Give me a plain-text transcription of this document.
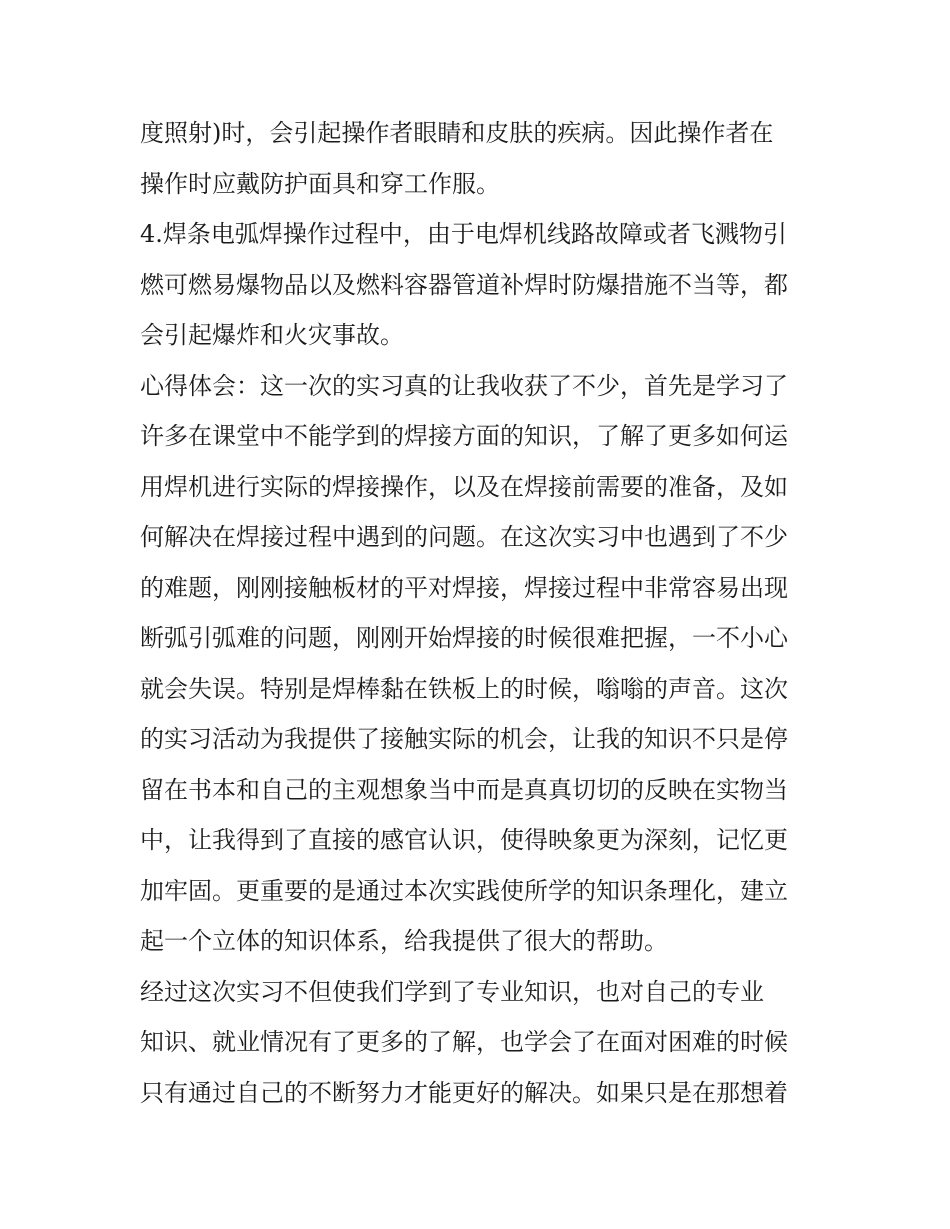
度照射)时，会引起操作者眼睛和皮肤的疾病。因此操作者在
操作时应戴防护面具和穿工作服。
4.焊条电弧焊操作过程中，由于电焊机线路故障或者飞溅物引
燃可燃易爆物品以及燃料容器管道补焊时防爆措施不当等，都
会引起爆炸和火灾事故。
心得体会：这一次的实习真的让我收获了不少，首先是学习了
许多在课堂中不能学到的焊接方面的知识，了解了更多如何运
用焊机进行实际的焊接操作，以及在焊接前需要的准备，及如
何解决在焊接过程中遇到的问题。在这次实习中也遇到了不少
的难题，刚刚接触板材的平对焊接，焊接过程中非常容易出现
断弧引弧难的问题，刚刚开始焊接的时候很难把握，一不小心
就会失误。特别是焊棒黏在铁板上的时候，嗡嗡的声音。这次
的实习活动为我提供了接触实际的机会，让我的知识不只是停
留在书本和自己的主观想象当中而是真真切切的反映在实物当
中，让我得到了直接的感官认识，使得映象更为深刻，记忆更
加牢固。更重要的是通过本次实践使所学的知识条理化，建立
起一个立体的知识体系，给我提供了很大的帮助。
经过这次实习不但使我们学到了专业知识，也对自己的专业
知识、就业情况有了更多的了解，也学会了在面对困难的时候
只有通过自己的不断努力才能更好的解决。如果只是在那想着
